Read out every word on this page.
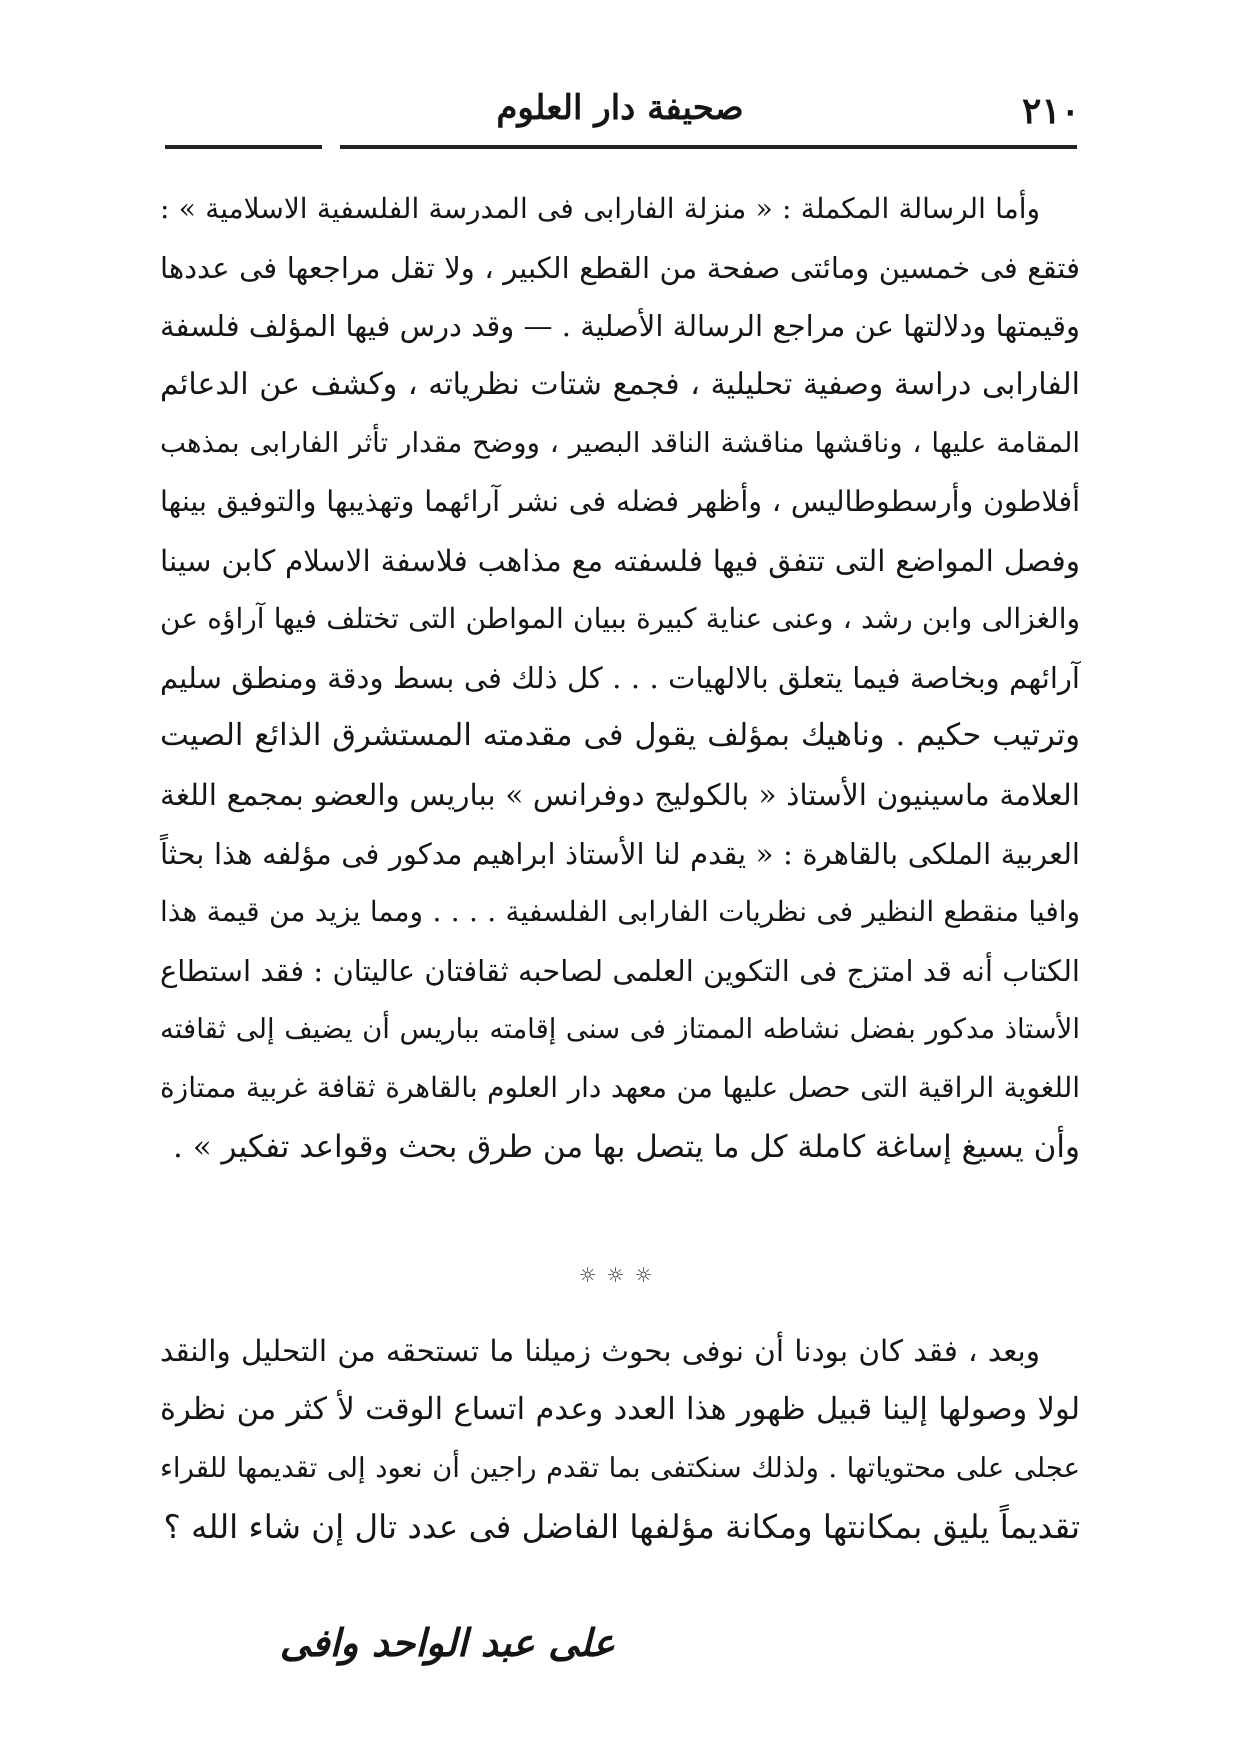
٢١٠
صحيفة دار العلوم
وأما الرسالة المكملة : « منزلة الفارابى فى المدرسة الفلسفية الاسلامية » :
فتقع فى خمسين ومائتى صفحة من القطع الكبير ، ولا تقل مراجعها فى عددها
وقيمتها ودلالتها عن مراجع الرسالة الأصلية . — وقد درس فيها المؤلف فلسفة
الفارابى دراسة وصفية تحليلية ، فجمع شتات نظرياته ، وكشف عن الدعائم
المقامة عليها ، وناقشها مناقشة الناقد البصير ، ووضح مقدار تأثر الفارابى بمذهب
أفلاطون وأرسطوطاليس ، وأظهر فضله فى نشر آرائهما وتهذيبها والتوفيق بينها
وفصل المواضع التى تتفق فيها فلسفته مع مذاهب فلاسفة الاسلام كابن سينا
والغزالى وابن رشد ، وعنى عناية كبيرة ببيان المواطن التى تختلف فيها آراؤه عن
آرائهم وبخاصة فيما يتعلق بالالهيات . . . كل ذلك فى بسط ودقة ومنطق سليم
وترتيب حكيم . وناهيك بمؤلف يقول فى مقدمته المستشرق الذائع الصيت
العلامة ماسينيون الأستاذ « بالكوليج دوفرانس » بباريس والعضو بمجمع اللغة
العربية الملكى بالقاهرة : « يقدم لنا الأستاذ ابراهيم مدكور فى مؤلفه هذا بحثاً
وافيا منقطع النظير فى نظريات الفارابى الفلسفية . . . . ومما يزيد من قيمة هذا
الكتاب أنه قد امتزج فى التكوين العلمى لصاحبه ثقافتان عاليتان : فقد استطاع
الأستاذ مدكور بفضل نشاطه الممتاز فى سنى إقامته بباريس أن يضيف إلى ثقافته
اللغوية الراقية التى حصل عليها من معهد دار العلوم بالقاهرة ثقافة غربية ممتازة
وأن يسيغ إساغة كاملة كل ما يتصل بها من طرق بحث وقواعد تفكير » .
☼☼☼
وبعد ، فقد كان بودنا أن نوفى بحوث زميلنا ما تستحقه من التحليل والنقد
لولا وصولها إلينا قبيل ظهور هذا العدد وعدم اتساع الوقت لأ كثر من نظرة
عجلى على محتوياتها . ولذلك سنكتفى بما تقدم راجين أن نعود إلى تقديمها للقراء
تقديماً يليق بمكانتها ومكانة مؤلفها الفاضل فى عدد تال إن شاء الله ؟
على عبد الواحد وافى
